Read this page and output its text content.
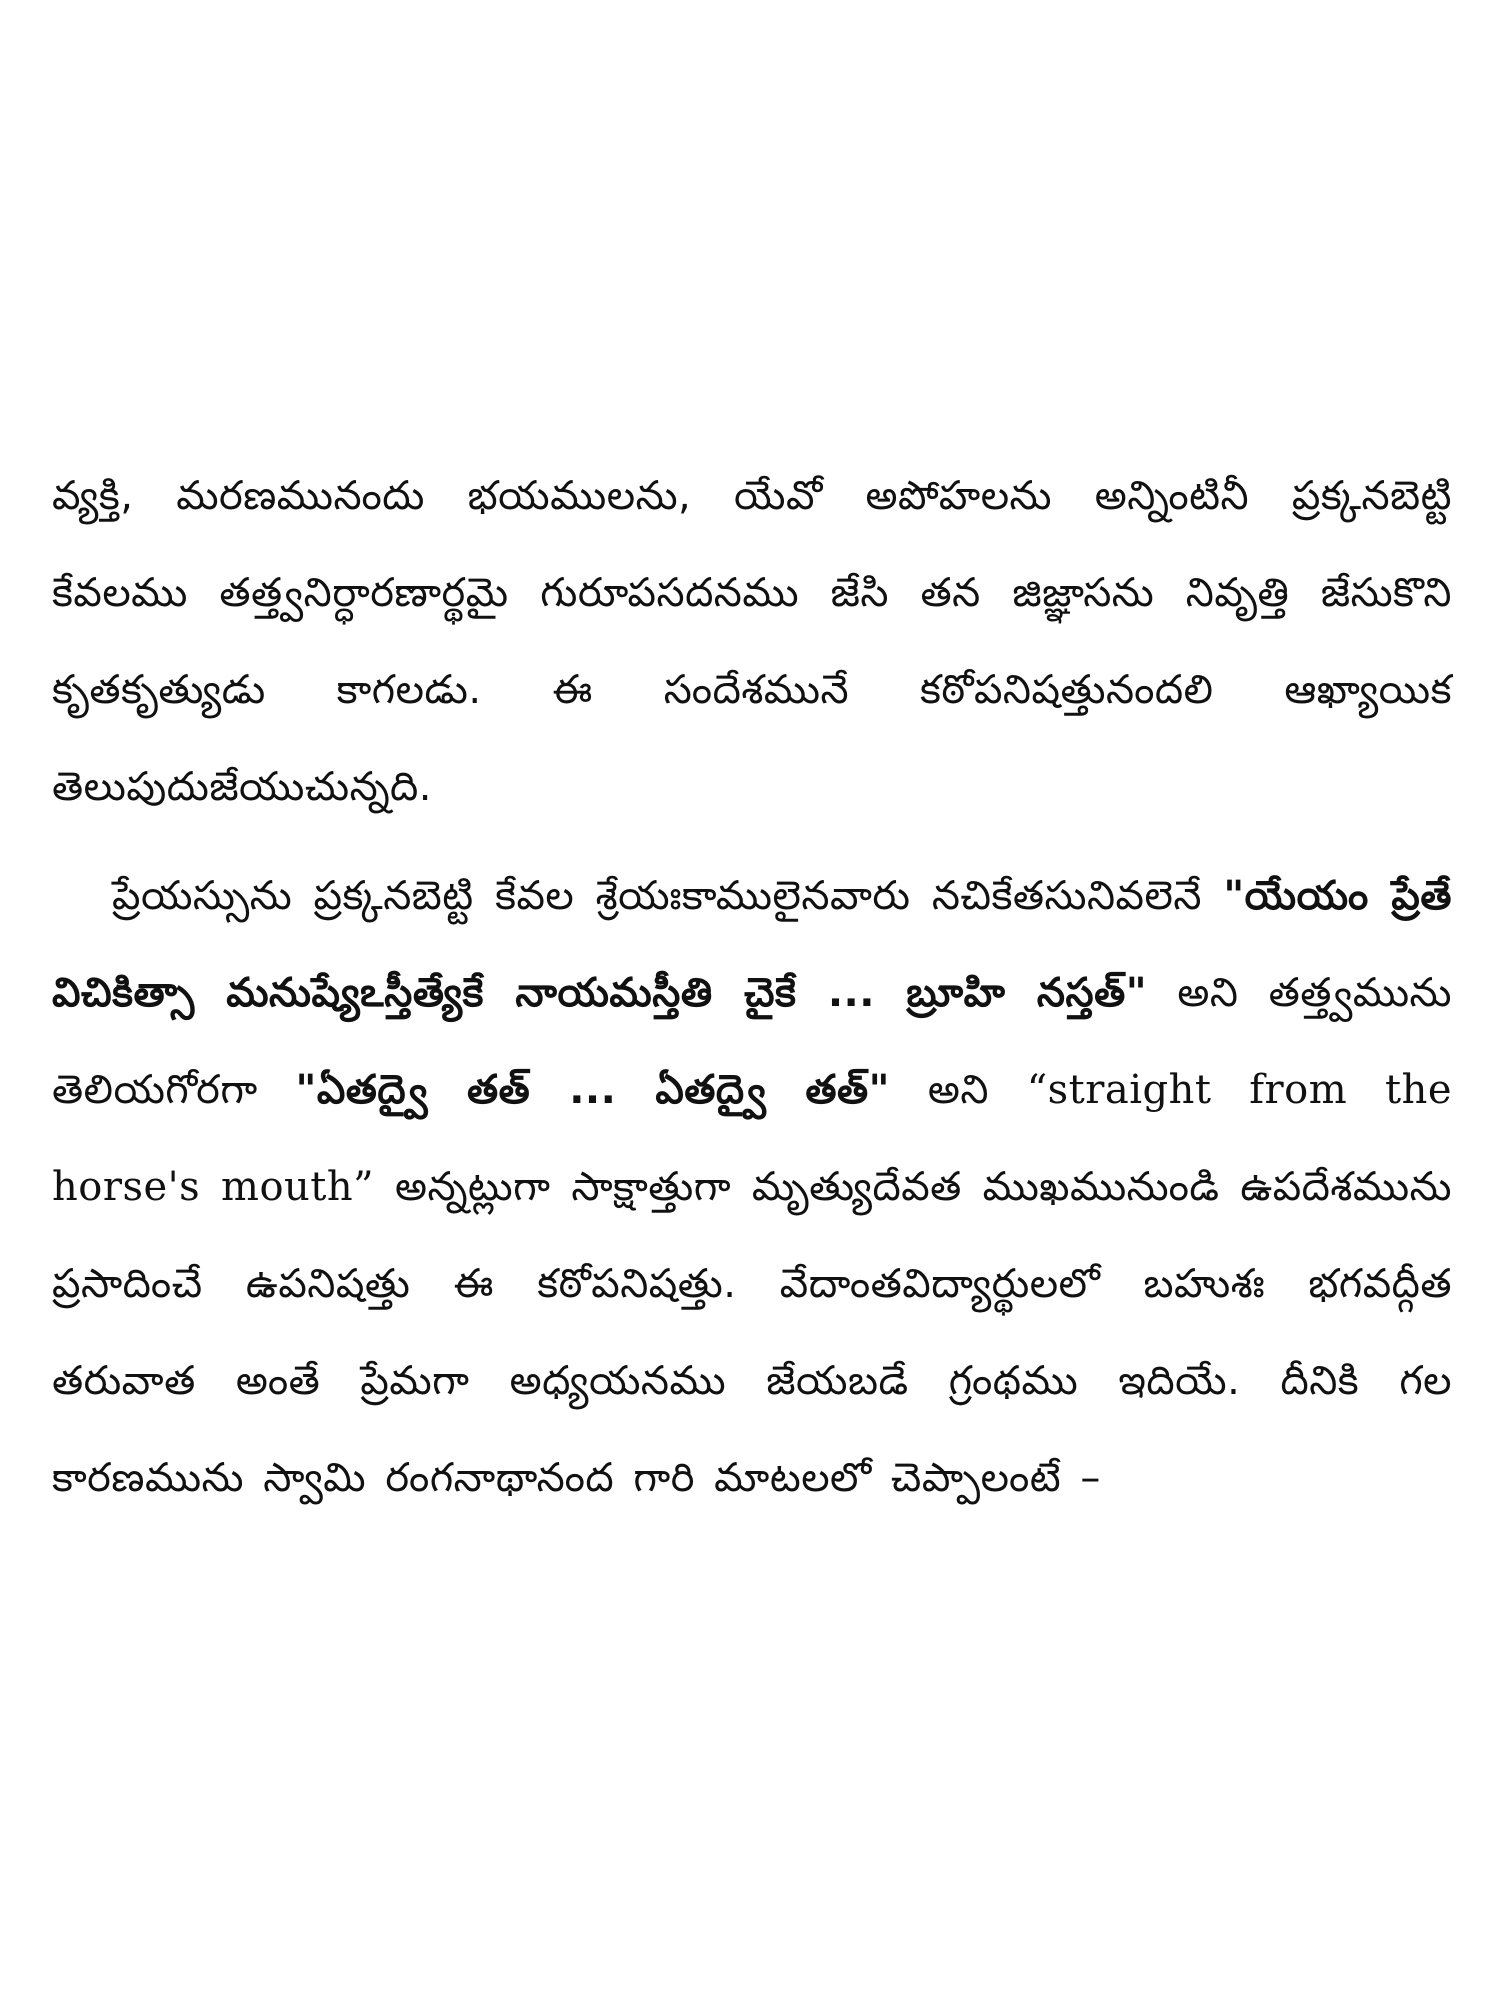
వ్యక్తి, మరణమునందు భయములను, యేవో అపోహలను అన్నింటినీ ప్రక్కనబెట్టి కేవలము తత్త్వనిర్ధారణార్థమై గురూపసదనము జేసి తన జిజ్ఞాసను నివృత్తి జేసుకొని కృతకృత్యుడు కాగలడు. ఈ సందేశమునే కఠోపనిషత్తునందలి ఆఖ్యాయిక తెలుపుదుజేయుచున్నది.

ప్రేయస్సును ప్రక్కనబెట్టి కేవల శ్రేయఃకాములైనవారు నచికేతసునివలెనే "యేయం ప్రేతే విచికిత్సా మనుష్యేఽస్తీత్యేకే నాయమస్తీతి చైకే ... బ్రూహి నస్తత్" అని తత్త్వమును తెలియగోరగా "ఏతద్వై తత్ ... ఏతద్వై తత్" అని “straight from the horse's mouth” అన్నట్లుగా సాక్షాత్తుగా మృత్యుదేవత ముఖమునుండి ఉపదేశమును ప్రసాదించే ఉపనిషత్తు ఈ కఠోపనిషత్తు. వేదాంతవిద్యార్థులలో బహుశః భగవద్గీత తరువాత అంతే ప్రేమగా అధ్యయనము జేయబడే గ్రంథము ఇదియే. దీనికి గల కారణమును స్వామి రంగనాథానంద గారి మాటలలో చెప్పాలంటే –
